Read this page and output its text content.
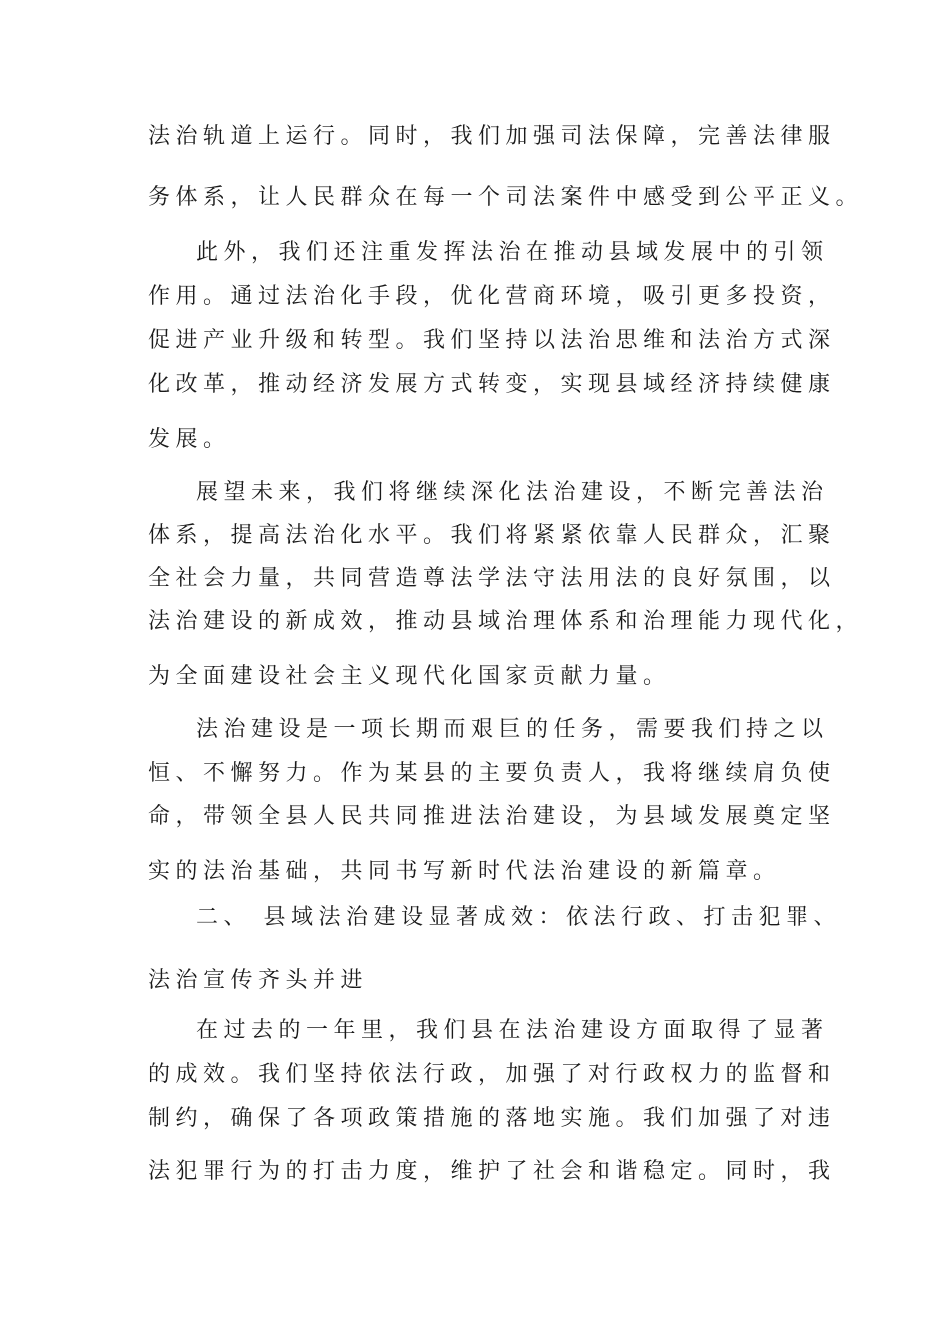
法治轨道上运行。同时，我们加强司法保障，完善法律服
务体系，让人民群众在每一个司法案件中感受到公平正义。
此外，我们还注重发挥法治在推动县域发展中的引领
作用。通过法治化手段，优化营商环境，吸引更多投资，
促进产业升级和转型。我们坚持以法治思维和法治方式深
化改革，推动经济发展方式转变，实现县域经济持续健康
发展。
展望未来，我们将继续深化法治建设，不断完善法治
体系，提高法治化水平。我们将紧紧依靠人民群众，汇聚
全社会力量，共同营造尊法学法守法用法的良好氛围，以
法治建设的新成效，推动县域治理体系和治理能力现代化，
为全面建设社会主义现代化国家贡献力量。
法治建设是一项长期而艰巨的任务，需要我们持之以
恒、不懈努力。作为某县的主要负责人，我将继续肩负使
命，带领全县人民共同推进法治建设，为县域发展奠定坚
实的法治基础，共同书写新时代法治建设的新篇章。
二、 县域法治建设显著成效：依法行政、打击犯罪、
法治宣传齐头并进
在过去的一年里，我们县在法治建设方面取得了显著
的成效。我们坚持依法行政，加强了对行政权力的监督和
制约，确保了各项政策措施的落地实施。我们加强了对违
法犯罪行为的打击力度，维护了社会和谐稳定。同时，我
